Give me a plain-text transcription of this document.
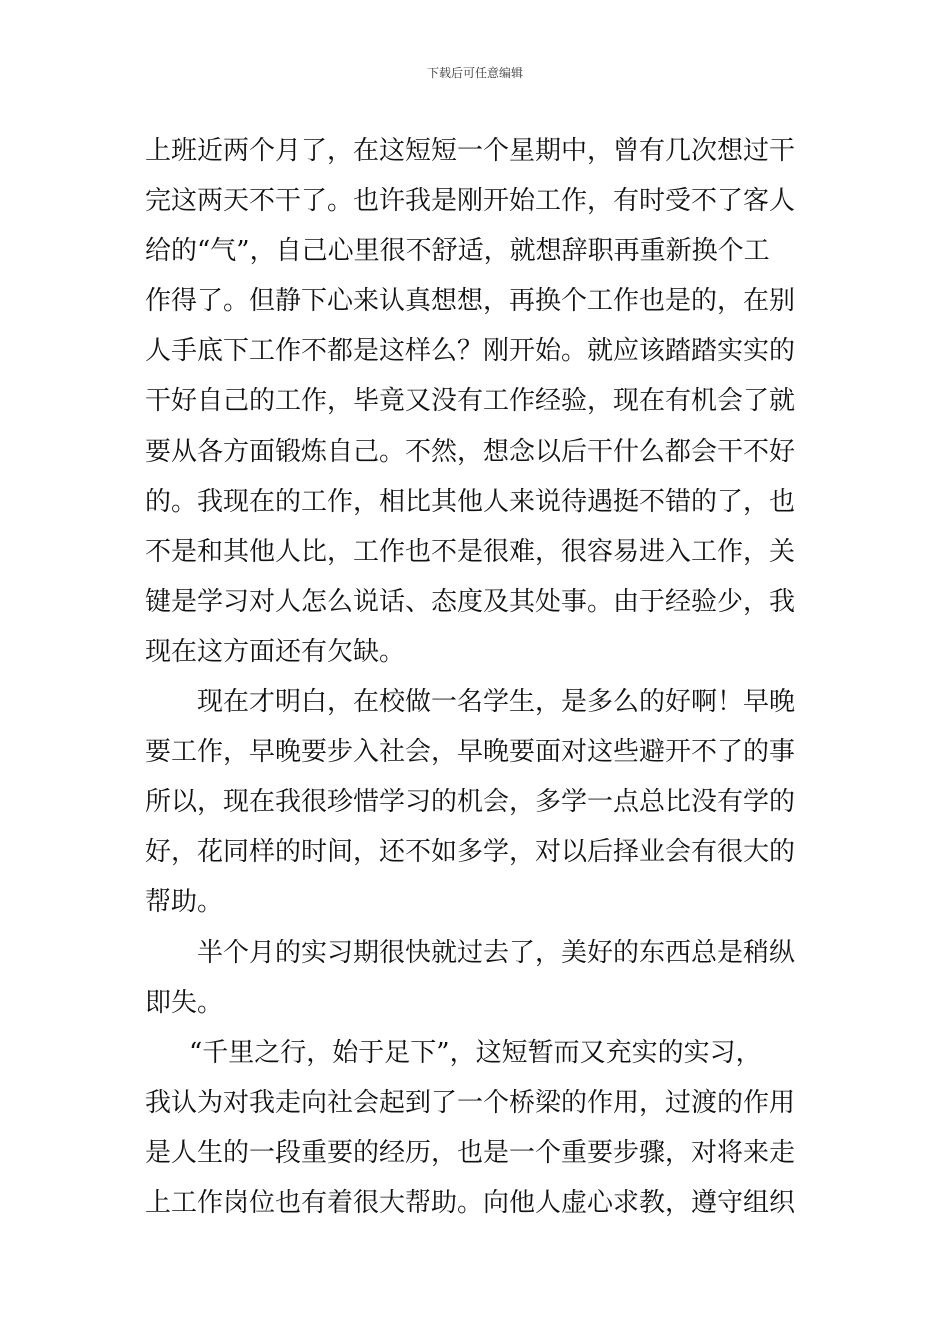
下载后可任意编辑
上班近两个月了，在这短短一个星期中，曾有几次想过干
完这两天不干了。也许我是刚开始工作，有时受不了客人
给的“气”，自己心里很不舒适，就想辞职再重新换个工
作得了。但静下心来认真想想，再换个工作也是的，在别
人手底下工作不都是这样么？刚开始。就应该踏踏实实的
干好自己的工作，毕竟又没有工作经验，现在有机会了就
要从各方面锻炼自己。不然，想念以后干什么都会干不好
的。我现在的工作，相比其他人来说待遇挺不错的了，也
不是和其他人比，工作也不是很难，很容易进入工作，关
键是学习对人怎么说话、态度及其处事。由于经验少，我
现在这方面还有欠缺。
现在才明白，在校做一名学生，是多么的好啊！早晚
要工作，早晚要步入社会，早晚要面对这些避开不了的事
所以，现在我很珍惜学习的机会，多学一点总比没有学的
好，花同样的时间，还不如多学，对以后择业会有很大的
帮助。
半个月的实习期很快就过去了，美好的东西总是稍纵
即失。
“千里之行，始于足下”，这短暂而又充实的实习，
我认为对我走向社会起到了一个桥梁的作用，过渡的作用
是人生的一段重要的经历，也是一个重要步骤，对将来走
上工作岗位也有着很大帮助。向他人虚心求教，遵守组织
